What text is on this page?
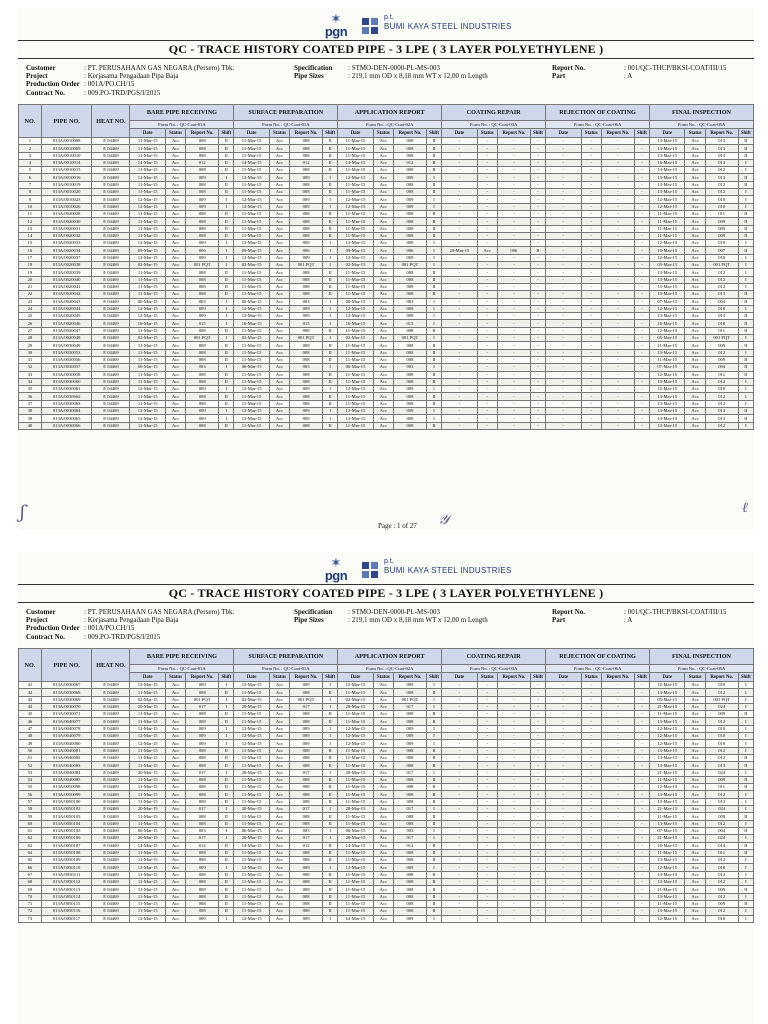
✶
pgn
p.t.
BUMI KAYA STEEL INDUSTRIES
QC - TRACE HISTORY COATED PIPE - 3 LPE ( 3 LAYER POLYETHYLENE )
Customer	: PT. PERUSAHAAN GAS NEGARA (Persero) Tbk.
Project	: Kerjasama Pengadaan Pipa Baja
Production Order : 001A/PO.CH/15
Contract No.	: 009.PO-TRD/PGS/I/2015
Specification : STMO-DEN-0000-PL-MS-003
Pipe Sizes	: 219,1 mm OD x 8,18 mm WT x 12,00 m Length
Report No.	: 001/QC-THCP/BKSI-COAT/III/15
Part	: A
NO.	PIPE NO.	HEAT NO.	BARE PIPE RECEIVING				SURFACE PREPARATION				APPLICATION REPORT				COATING REPAIR				REJECTION OF COATING				FINAL INSPECTION			
			Form No. : QC-Coat-01A				Form No. : QC-Coat-01A				Form No. : QC-Coat-02A				Form No. : QC-Coat-03A				Form No. : QC-Coat-06A				Form No. : QC-Coat-05A			
			Date	Status	Report No.	Shift	Date	Status	Report No.	Shift	Date	Status	Report No.	Shift	Date	Status	Report No.	Shift	Date	Status	Report No.	Shift	Date	Status	Report No.	Shift
1	013A/0010008	E 04469	11-Mar-15	Acc	008	II	11-Mar-15	Acc	008	II	11-Mar-15	Acc	008	II	-	-	-	-	-	-	-	-	13-Mar-15	Acc	013	II
2	013A/0010009	E 04469	11-Mar-15	Acc	008	II	11-Mar-15	Acc	008	II	11-Mar-15	Acc	008	II	-	-	-	-	-	-	-	-	13-Mar-15	Acc	013	II
3	013A/0010010	E 04469	11-Mar-15	Acc	008	II	11-Mar-15	Acc	008	II	11-Mar-15	Acc	008	II	-	-	-	-	-	-	-	-	13-Mar-15	Acc	013	II
4	013A/0010014	E 04469	14-Mar-15	Acc	012	II	14-Mar-15	Acc	012	II	14-Mar-15	Acc	012	II	-	-	-	-	-	-	-	-	16-Mar-15	Acc	013	I
5	013A/0010015	E 04469	11-Mar-15	Acc	008	II	11-Mar-15	Acc	008	II	11-Mar-15	Acc	008	II	-	-	-	-	-	-	-	-	13-Mar-15	Acc	012	I
6	013A/0010016	E 04469	12-Mar-15	Acc	009	I	12-Mar-15	Acc	009	I	12-Mar-15	Acc	009	I	-	-	-	-	-	-	-	-	13-Mar-15	Acc	013	II
7	013A/0010019	E 04469	11-Mar-15	Acc	008	II	11-Mar-15	Acc	008	II	11-Mar-15	Acc	008	II	-	-	-	-	-	-	-	-	13-Mar-15	Acc	012	II
8	013A/0010020	E 04469	11-Mar-15	Acc	008	II	11-Mar-15	Acc	008	II	11-Mar-15	Acc	008	II	-	-	-	-	-	-	-	-	13-Mar-15	Acc	012	I
9	013A/0010023	E 04469	12-Mar-15	Acc	009	I	12-Mar-15	Acc	009	I	12-Mar-15	Acc	009	I	-	-	-	-	-	-	-	-	12-Mar-15	Acc	010	I
10	013A/0010026	E 04469	12-Mar-15	Acc	009	I	12-Mar-15	Acc	009	I	12-Mar-15	Acc	009	I	-	-	-	-	-	-	-	-	12-Mar-15	Acc	010	I
11	013A/0020028	E 04469	11-Mar-15	Acc	008	II	11-Mar-15	Acc	008	II	11-Mar-15	Acc	008	II	-	-	-	-	-	-	-	-	11-Mar-15	Acc	011	II
12	013A/0020030	E 04469	11-Mar-15	Acc	008	II	11-Mar-15	Acc	008	II	11-Mar-15	Acc	008	II	-	-	-	-	-	-	-	-	11-Mar-15	Acc	009	II
13	013A/0020031	E 04469	11-Mar-15	Acc	008	II	11-Mar-15	Acc	008	II	11-Mar-15	Acc	008	II	-	-	-	-	-	-	-	-	11-Mar-15	Acc	009	II
14	013A/0020032	E 04469	11-Mar-15	Acc	008	II	11-Mar-15	Acc	008	II	11-Mar-15	Acc	008	II	-	-	-	-	-	-	-	-	11-Mar-15	Acc	009	II
15	013A/0020033	E 04469	12-Mar-15	Acc	009	I	12-Mar-15	Acc	009	I	12-Mar-15	Acc	009	I	-	-	-	-	-	-	-	-	12-Mar-15	Acc	010	I
16	013A/0020034	E 04469	09-Mar-15	Acc	006	I	09-Mar-15	Acc	006	I	09-Mar-15	Acc	006	I	20-Mar-15	Acc	006	II	-	-	-	-	10-Mar-15	Acc	007	II
17	013A/0020037	E 04469	12-Mar-15	Acc	009	I	12-Mar-15	Acc	009	I	12-Mar-15	Acc	009	I	-	-	-	-	-	-	-	-	12-Mar-15	Acc	010	I
18	013A/0020038	E 04469	02-Mar-15	Acc	001 PQT	I	02-Mar-15	Acc	001 PQT	I	02-Mar-15	Acc	001 PQT	I	-	-	-	-	-	-	-	-	05-Mar-15	Acc	001 PQT	I
19	013A/0020039	E 04469	11-Mar-15	Acc	008	II	11-Mar-15	Acc	008	II	11-Mar-15	Acc	008	II	-	-	-	-	-	-	-	-	13-Mar-15	Acc	012	I
20	013A/0020040	E 04469	11-Mar-15	Acc	008	II	11-Mar-15	Acc	008	II	11-Mar-15	Acc	008	II	-	-	-	-	-	-	-	-	13-Mar-15	Acc	012	I
21	013A/0020041	E 04469	11-Mar-15	Acc	008	II	11-Mar-15	Acc	008	II	11-Mar-15	Acc	008	II	-	-	-	-	-	-	-	-	13-Mar-15	Acc	012	I
22	013A/0020042	E 04469	11-Mar-15	Acc	008	II	11-Mar-15	Acc	008	II	11-Mar-15	Acc	008	II	-	-	-	-	-	-	-	-	13-Mar-15	Acc	013	II
23	013A/0020043	E 04469	06-Mar-15	Acc	003	I	06-Mar-15	Acc	003	I	06-Mar-15	Acc	003	I	-	-	-	-	-	-	-	-	07-Mar-15	Acc	004	II
24	013A/0020044	E 04469	12-Mar-15	Acc	009	I	12-Mar-15	Acc	009	I	12-Mar-15	Acc	009	I	-	-	-	-	-	-	-	-	12-Mar-15	Acc	010	I
25	013A/0020045	E 04469	12-Mar-15	Acc	009	I	12-Mar-15	Acc	009	I	12-Mar-15	Acc	009	I	-	-	-	-	-	-	-	-	13-Mar-15	Acc	013	II
26	013A/0020046	E 04469	16-Mar-15	Acc	015	I	16-Mar-15	Acc	015	I	16-Mar-15	Acc	015	I	-	-	-	-	-	-	-	-	16-Mar-15	Acc	018	II
27	013A/0020047	E 04469	11-Mar-15	Acc	008	II	11-Mar-15	Acc	008	II	11-Mar-15	Acc	008	II	-	-	-	-	-	-	-	-	12-Mar-15	Acc	011	II
28	013A/0020048	E 04469	02-Mar-15	Acc	001 PQT	I	02-Mar-15	Acc	001 PQT	I	02-Mar-15	Acc	001 PQT	I	-	-	-	-	-	-	-	-	05-Mar-15	Acc	001 PQT	I
29	013A/0030049	E 04469	11-Mar-15	Acc	008	II	11-Mar-15	Acc	008	II	11-Mar-15	Acc	008	II	-	-	-	-	-	-	-	-	11-Mar-15	Acc	009	II
30	013A/0030053	E 04469	11-Mar-15	Acc	008	II	11-Mar-15	Acc	008	II	11-Mar-15	Acc	008	II	-	-	-	-	-	-	-	-	13-Mar-15	Acc	012	I
31	013A/0030056	E 04469	11-Mar-15	Acc	008	II	11-Mar-15	Acc	008	II	11-Mar-15	Acc	008	II	-	-	-	-	-	-	-	-	11-Mar-15	Acc	009	II
32	013A/0030057	E 04469	06-Mar-15	Acc	003	I	06-Mar-15	Acc	003	I	06-Mar-15	Acc	003	I	-	-	-	-	-	-	-	-	07-Mar-15	Acc	004	II
33	013A/0030058	E 04469	11-Mar-15	Acc	008	II	11-Mar-15	Acc	008	II	11-Mar-15	Acc	008	II	-	-	-	-	-	-	-	-	12-Mar-15	Acc	011	II
34	013A/0030060	E 04469	11-Mar-15	Acc	008	II	11-Mar-15	Acc	008	II	11-Mar-15	Acc	008	II	-	-	-	-	-	-	-	-	13-Mar-15	Acc	012	I
35	013A/0030061	E 04469	12-Mar-15	Acc	009	I	12-Mar-15	Acc	009	I	12-Mar-15	Acc	009	I	-	-	-	-	-	-	-	-	12-Mar-15	Acc	010	I
36	013A/0030062	E 04469	11-Mar-15	Acc	008	II	11-Mar-15	Acc	008	II	11-Mar-15	Acc	008	II	-	-	-	-	-	-	-	-	13-Mar-15	Acc	012	I
37	013A/0030063	E 04469	11-Mar-15	Acc	008	II	11-Mar-15	Acc	008	II	11-Mar-15	Acc	008	II	-	-	-	-	-	-	-	-	13-Mar-15	Acc	012	I
38	013A/0030064	E 04469	12-Mar-15	Acc	009	I	12-Mar-15	Acc	009	I	12-Mar-15	Acc	009	I	-	-	-	-	-	-	-	-	13-Mar-15	Acc	013	II
39	013A/0030065	E 04469	12-Mar-15	Acc	009	I	12-Mar-15	Acc	009	I	12-Mar-15	Acc	009	I	-	-	-	-	-	-	-	-	13-Mar-15	Acc	013	II
40	013A/0030066	E 04469	11-Mar-15	Acc	008	II	11-Mar-15	Acc	008	II	11-Mar-15	Acc	008	II	-	-	-	-	-	-	-	-	13-Mar-15	Acc	012	I
Page : 1 of 27
ʃ	𝒴
ℓ
✶
pgn
p.t.
BUMI KAYA STEEL INDUSTRIES
QC - TRACE HISTORY COATED PIPE - 3 LPE ( 3 LAYER POLYETHYLENE )
Customer	: PT. PERUSAHAAN GAS NEGARA (Persero) Tbk.
Project	: Kerjasama Pengadaan Pipa Baja
Production Order : 001A/PO.CH/15
Contract No.	: 009.PO-TRD/PGS/I/2015
Specification : STMO-DEN-0000-PL-MS-003
Pipe Sizes	: 219,1 mm OD x 8,18 mm WT x 12,00 m Length
Report No.	: 001/QC-THCP/BKSI-COAT/III/15
Part	: A
NO.	PIPE NO.	HEAT NO.	BARE PIPE RECEIVING				SURFACE PREPARATION				APPLICATION REPORT				COATING REPAIR				REJECTION OF COATING				FINAL INSPECTION			
			Form No. : QC-Coat-01A				Form No. : QC-Coat-01A				Form No. : QC-Coat-02A				Form No. : QC-Coat-03A				Form No. : QC-Coat-06A				Form No. : QC-Coat-05A			
			Date	Status	Report No.	Shift	Date	Status	Report No.	Shift	Date	Status	Report No.	Shift	Date	Status	Report No.	Shift	Date	Status	Report No.	Shift	Date	Status	Report No.	Shift
41	013A/0030067	E 04469	12-Mar-15	Acc	009	I	12-Mar-15	Acc	009	I	12-Mar-15	Acc	009	I	-	-	-	-	-	-	-	-	12-Mar-15	Acc	010	I
42	013A/0030068	E 04469	11-Mar-15	Acc	008	II	11-Mar-15	Acc	008	II	11-Mar-15	Acc	008	II	-	-	-	-	-	-	-	-	13-Mar-15	Acc	012	I
43	013A/0030069	E 04469	02-Mar-15	Acc	001 PQT	I	02-Mar-15	Acc	001 PQT	I	02-Mar-15	Acc	001 PQT	I	-	-	-	-	-	-	-	-	05-Mar-15	Acc	001 PQT	I
44	013A/0030070	E 04469	20-Mar-15	Acc	017	I	20-Mar-15	Acc	017	I	20-Mar-15	Acc	017	I	-	-	-	-	-	-	-	-	21-Mar-15	Acc	024	I
45	013A/0030071	E 04469	11-Mar-15	Acc	008	II	11-Mar-15	Acc	008	II	11-Mar-15	Acc	008	II	-	-	-	-	-	-	-	-	11-Mar-15	Acc	009	II
46	013A/0040077	E 04469	11-Mar-15	Acc	008	II	11-Mar-15	Acc	008	II	11-Mar-15	Acc	008	II	-	-	-	-	-	-	-	-	13-Mar-15	Acc	012	I
47	013A/0040078	E 04469	12-Mar-15	Acc	009	I	12-Mar-15	Acc	009	I	12-Mar-15	Acc	009	I	-	-	-	-	-	-	-	-	12-Mar-15	Acc	010	I
48	013A/0040079	E 04469	12-Mar-15	Acc	009	I	12-Mar-15	Acc	009	I	12-Mar-15	Acc	009	I	-	-	-	-	-	-	-	-	12-Mar-15	Acc	010	I
49	013A/0040080	E 04469	12-Mar-15	Acc	009	I	12-Mar-15	Acc	009	I	12-Mar-15	Acc	009	I	-	-	-	-	-	-	-	-	12-Mar-15	Acc	010	I
50	013A/0040081	E 04469	11-Mar-15	Acc	008	II	11-Mar-15	Acc	008	II	11-Mar-15	Acc	008	II	-	-	-	-	-	-	-	-	13-Mar-15	Acc	012	I
51	013A/0040082	E 04469	11-Mar-15	Acc	008	II	11-Mar-15	Acc	008	II	11-Mar-15	Acc	008	II	-	-	-	-	-	-	-	-	13-Mar-15	Acc	012	II
52	013A/0040083	E 04469	11-Mar-15	Acc	008	II	11-Mar-15	Acc	008	II	11-Mar-15	Acc	008	II	-	-	-	-	-	-	-	-	13-Mar-15	Acc	013	II
53	013A/0040084	E 04469	20-Mar-15	Acc	017	I	20-Mar-15	Acc	017	I	20-Mar-15	Acc	017	I	-	-	-	-	-	-	-	-	21-Mar-15	Acc	024	I
54	013A/0040085	E 04469	11-Mar-15	Acc	008	II	11-Mar-15	Acc	008	II	11-Mar-15	Acc	008	II	-	-	-	-	-	-	-	-	11-Mar-15	Acc	009	II
55	013A/0050098	E 04469	11-Mar-15	Acc	008	II	11-Mar-15	Acc	008	II	11-Mar-15	Acc	008	II	-	-	-	-	-	-	-	-	12-Mar-15	Acc	011	II
56	013A/0050099	E 04469	11-Mar-15	Acc	008	II	11-Mar-15	Acc	008	II	11-Mar-15	Acc	008	II	-	-	-	-	-	-	-	-	13-Mar-15	Acc	012	I
57	013A/0050100	E 04469	11-Mar-15	Acc	008	II	11-Mar-15	Acc	008	II	11-Mar-15	Acc	008	II	-	-	-	-	-	-	-	-	13-Mar-15	Acc	012	I
58	013A/0050102	E 04469	20-Mar-15	Acc	017	I	20-Mar-15	Acc	017	I	20-Mar-15	Acc	017	I	-	-	-	-	-	-	-	-	21-Mar-15	Acc	024	I
59	013A/0050103	E 04469	11-Mar-15	Acc	008	II	11-Mar-15	Acc	008	II	11-Mar-15	Acc	008	II	-	-	-	-	-	-	-	-	11-Mar-15	Acc	009	II
60	013A/0050104	E 04469	11-Mar-15	Acc	008	II	11-Mar-15	Acc	008	II	11-Mar-15	Acc	008	II	-	-	-	-	-	-	-	-	13-Mar-15	Acc	012	I
61	013A/0050105	E 04469	06-Mar-15	Acc	003	I	06-Mar-15	Acc	003	I	06-Mar-15	Acc	003	I	-	-	-	-	-	-	-	-	07-Mar-15	Acc	004	II
62	013A/0050106	E 04469	20-Mar-15	Acc	017	I	20-Mar-15	Acc	017	I	20-Mar-15	Acc	017	I	-	-	-	-	-	-	-	-	21-Mar-15	Acc	024	I
63	013A/0050107	E 04469	14-Mar-15	Acc	012	II	14-Mar-15	Acc	012	II	14-Mar-15	Acc	012	II	-	-	-	-	-	-	-	-	16-Mar-15	Acc	014	II
64	013A/0050108	E 04469	11-Mar-15	Acc	008	II	11-Mar-15	Acc	008	II	11-Mar-15	Acc	008	II	-	-	-	-	-	-	-	-	11-Mar-15	Acc	011	II
65	013A/0050109	E 04469	11-Mar-15	Acc	008	II	11-Mar-15	Acc	008	II	11-Mar-15	Acc	008	II	-	-	-	-	-	-	-	-	13-Mar-15	Acc	012	I
66	013A/0050110	E 04469	12-Mar-15	Acc	009	I	12-Mar-15	Acc	009	I	12-Mar-15	Acc	009	I	-	-	-	-	-	-	-	-	12-Mar-15	Acc	010	I
67	013A/0050111	E 04469	11-Mar-15	Acc	008	II	11-Mar-15	Acc	008	II	11-Mar-15	Acc	008	II	-	-	-	-	-	-	-	-	13-Mar-15	Acc	012	I
68	013A/0050112	E 04469	11-Mar-15	Acc	008	II	11-Mar-15	Acc	008	II	11-Mar-15	Acc	008	II	-	-	-	-	-	-	-	-	13-Mar-15	Acc	012	I
69	013A/0050113	E 04469	11-Mar-15	Acc	008	II	11-Mar-15	Acc	008	II	11-Mar-15	Acc	008	II	-	-	-	-	-	-	-	-	11-Mar-15	Acc	009	II
70	013A/0050114	E 04469	11-Mar-15	Acc	008	II	11-Mar-15	Acc	008	II	11-Mar-15	Acc	008	II	-	-	-	-	-	-	-	-	13-Mar-15	Acc	012	I
71	013A/0050115	E 04469	11-Mar-15	Acc	008	II	11-Mar-15	Acc	008	II	11-Mar-15	Acc	008	II	-	-	-	-	-	-	-	-	11-Mar-15	Acc	009	II
72	013A/0050116	E 04469	11-Mar-15	Acc	008	II	11-Mar-15	Acc	008	II	11-Mar-15	Acc	008	II	-	-	-	-	-	-	-	-	13-Mar-15	Acc	012	I
73	013A/0050117	E 04469	12-Mar-15	Acc	009	I	12-Mar-15	Acc	009	I	12-Mar-15	Acc	009	I	-	-	-	-	-	-	-	-	12-Mar-15	Acc	010	I
